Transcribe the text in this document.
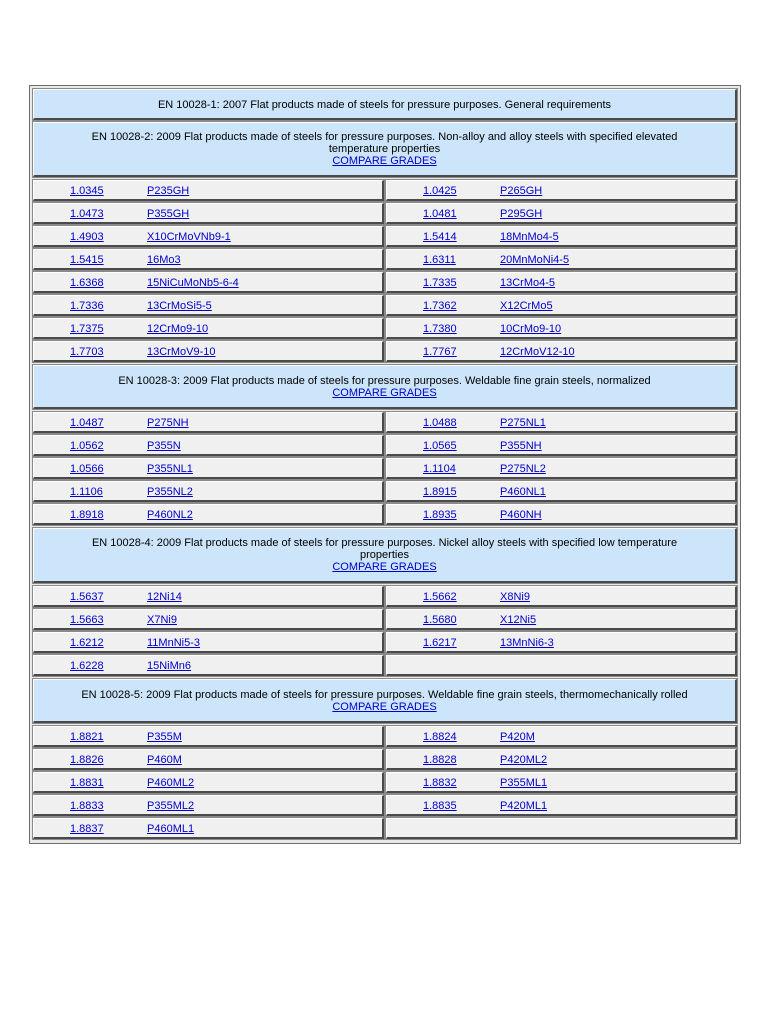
EN 10028-1: 2007 Flat products made of steels for pressure purposes. General requirements
EN 10028-2: 2009 Flat products made of steels for pressure purposes. Non-alloy and alloy steels with specified elevated temperature properties
COMPARE GRADES
1.0345	P235GH	1.0425	P265GH
1.0473	P355GH	1.0481	P295GH
1.4903	X10CrMoVNb9-1	1.5414	18MnMo4-5
1.5415	16Mo3	1.6311	20MnMoNi4-5
1.6368	15NiCuMoNb5-6-4	1.7335	13CrMo4-5
1.7336	13CrMoSi5-5	1.7362	X12CrMo5
1.7375	12CrMo9-10	1.7380	10CrMo9-10
1.7703	13CrMoV9-10	1.7767	12CrMoV12-10
EN 10028-3: 2009 Flat products made of steels for pressure purposes. Weldable fine grain steels, normalized
COMPARE GRADES
1.0487	P275NH	1.0488	P275NL1
1.0562	P355N	1.0565	P355NH
1.0566	P355NL1	1.1104	P275NL2
1.1106	P355NL2	1.8915	P460NL1
1.8918	P460NL2	1.8935	P460NH
EN 10028-4: 2009 Flat products made of steels for pressure purposes. Nickel alloy steels with specified low temperature properties
COMPARE GRADES
1.5637	12Ni14	1.5662	X8Ni9
1.5663	X7Ni9	1.5680	X12Ni5
1.6212	11MnNi5-3	1.6217	13MnNi6-3
1.6228	15NiMn6
EN 10028-5: 2009 Flat products made of steels for pressure purposes. Weldable fine grain steels, thermomechanically rolled
COMPARE GRADES
1.8821	P355M	1.8824	P420M
1.8826	P460M	1.8828	P420ML2
1.8831	P460ML2	1.8832	P355ML1
1.8833	P355ML2	1.8835	P420ML1
1.8837	P460ML1
